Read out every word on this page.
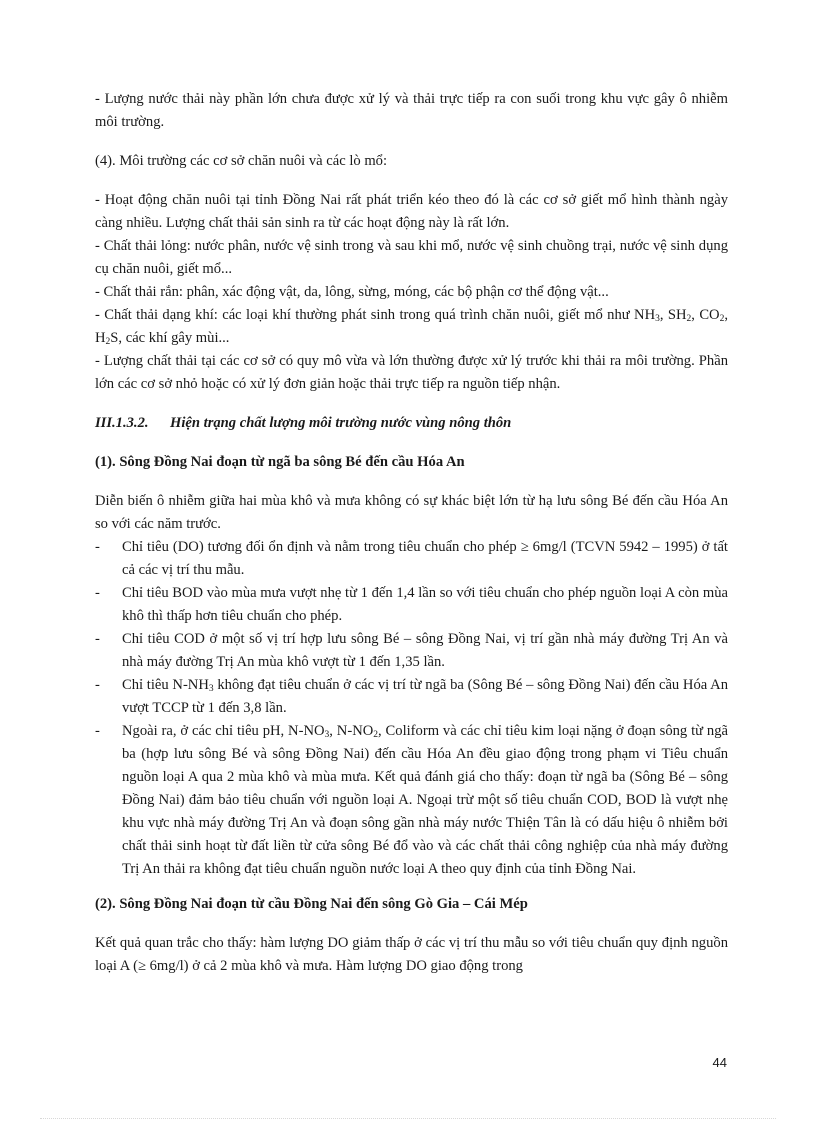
- Lượng nước thải này phần lớn chưa được xử lý và thải trực tiếp ra con suối trong khu vực gây ô nhiễm môi trường.

(4). Môi trường các cơ sở chăn nuôi và các lò mổ:

- Hoạt động chăn nuôi tại tỉnh Đồng Nai rất phát triển kéo theo đó là các cơ sở giết mổ hình thành ngày càng nhiều. Lượng chất thải sản sinh ra từ các hoạt động này là rất lớn.

- Chất thải lỏng: nước phân, nước vệ sinh trong và sau khi mổ, nước vệ sinh chuồng trại, nước vệ sinh dụng cụ chăn nuôi, giết mổ...

- Chất thải rắn: phân, xác động vật, da, lông, sừng, móng, các bộ phận cơ thể động vật...

- Chất thải dạng khí: các loại khí thường phát sinh trong quá trình chăn nuôi, giết mổ như $NH_3$, $SH_2$, $CO_2$, $H_2S$, các khí gây mùi...

- Lượng chất thải tại các cơ sở có quy mô vừa và lớn thường được xử lý trước khi thải ra môi trường. Phần lớn các cơ sở nhỏ hoặc có xử lý đơn giản hoặc thải trực tiếp ra nguồn tiếp nhận.

III.1.3.2. Hiện trạng chất lượng môi trường nước vùng nông thôn

(1). Sông Đồng Nai đoạn từ ngã ba sông Bé đến cầu Hóa An

Diễn biến ô nhiễm giữa hai mùa khô và mưa không có sự khác biệt lớn từ hạ lưu sông Bé đến cầu Hóa An so với các năm trước.

- Chỉ tiêu (DO) tương đối ổn định và nằm trong tiêu chuẩn cho phép ≥ 6mg/l (TCVN 5942 – 1995) ở tất cả các vị trí thu mẫu.
- Chỉ tiêu BOD vào mùa mưa vượt nhẹ từ 1 đến 1,4 lần so với tiêu chuẩn cho phép nguồn loại A còn mùa khô thì thấp hơn tiêu chuẩn cho phép.
- Chỉ tiêu COD ở một số vị trí hợp lưu sông Bé – sông Đồng Nai, vị trí gần nhà máy đường Trị An và nhà máy đường Trị An mùa khô vượt từ 1 đến 1,35 lần.
- Chỉ tiêu $N-NH_3$ không đạt tiêu chuẩn ở các vị trí từ ngã ba (Sông Bé – sông Đồng Nai) đến cầu Hóa An vượt TCCP từ 1 đến 3,8 lần.
- Ngoài ra, ở các chỉ tiêu pH, $N-NO_3$, $N-NO_2$, Coliform và các chỉ tiêu kim loại nặng ở đoạn sông từ ngã ba (hợp lưu sông Bé và sông Đồng Nai) đến cầu Hóa An đều giao động trong phạm vi Tiêu chuẩn nguồn loại A qua 2 mùa khô và mùa mưa. Kết quả đánh giá cho thấy: đoạn từ ngã ba (Sông Bé – sông Đồng Nai) đảm bảo tiêu chuẩn với nguồn loại A. Ngoại trừ một số tiêu chuẩn COD, BOD là vượt nhẹ khu vực nhà máy đường Trị An và đoạn sông gần nhà máy nước Thiện Tân là có dấu hiệu ô nhiễm bởi chất thải sinh hoạt từ đất liền từ cửa sông Bé đổ vào và các chất thải công nghiệp của nhà máy đường Trị An thải ra không đạt tiêu chuẩn nguồn nước loại A theo quy định của tỉnh Đồng Nai.

(2). Sông Đồng Nai đoạn từ cầu Đồng Nai đến sông Gò Gia – Cái Mép

Kết quả quan trắc cho thấy: hàm lượng DO giảm thấp ở các vị trí thu mẫu so với tiêu chuẩn quy định nguồn loại A (≥ 6mg/l) ở cả 2 mùa khô và mưa. Hàm lượng DO giao động trong

44
